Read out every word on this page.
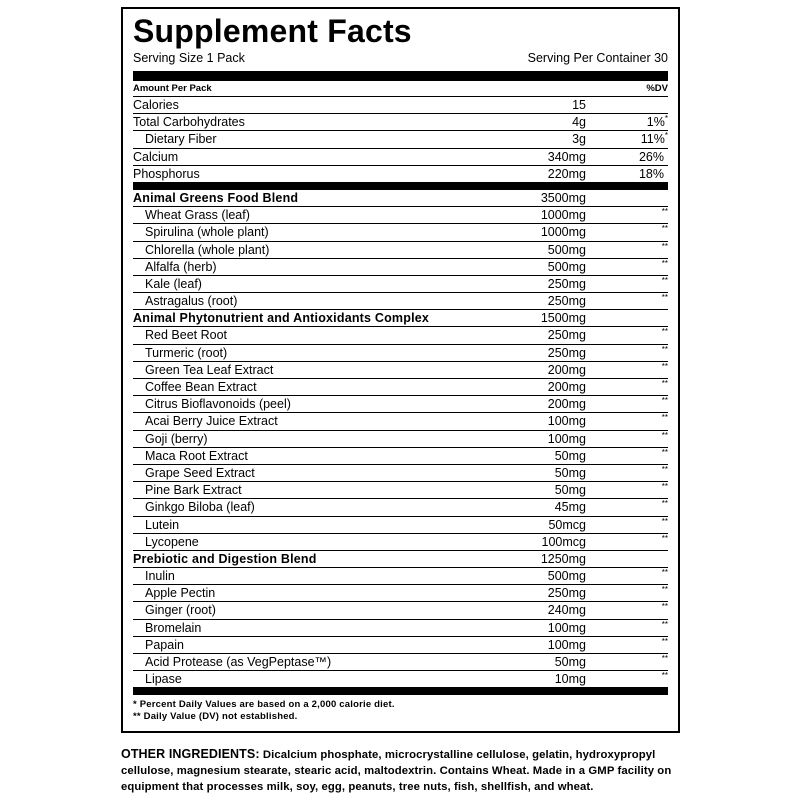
Supplement Facts
Serving Size 1 Pack	Serving Per Container 30
Amount Per Pack	%DV
Calories	15
Total Carbohydrates	4g	1%*
Dietary Fiber	3g	11%*
Calcium	340mg	26%
Phosphorus	220mg	18%
Animal Greens Food Blend	3500mg
Wheat Grass (leaf)	1000mg	**
Spirulina (whole plant)	1000mg	**
Chlorella (whole plant)	500mg	**
Alfalfa (herb)	500mg	**
Kale (leaf)	250mg	**
Astragalus (root)	250mg	**
Animal Phytonutrient and Antioxidants Complex	1500mg
Red Beet Root	250mg	**
Turmeric (root)	250mg	**
Green Tea Leaf Extract	200mg	**
Coffee Bean Extract	200mg	**
Citrus Bioflavonoids (peel)	200mg	**
Acai Berry Juice Extract	100mg	**
Goji (berry)	100mg	**
Maca Root Extract	50mg	**
Grape Seed Extract	50mg	**
Pine Bark Extract	50mg	**
Ginkgo Biloba (leaf)	45mg	**
Lutein	50mcg	**
Lycopene	100mcg	**
Prebiotic and Digestion Blend	1250mg
Inulin	500mg	**
Apple Pectin	250mg	**
Ginger (root)	240mg	**
Bromelain	100mg	**
Papain	100mg	**
Acid Protease (as VegPeptase™)	50mg	**
Lipase	10mg	**
* Percent Daily Values are based on a 2,000 calorie diet.
** Daily Value (DV) not established.
OTHER INGREDIENTS: Dicalcium phosphate, microcrystalline cellulose, gelatin, hydroxypropyl cellulose, magnesium stearate, stearic acid, maltodextrin. Contains Wheat. Made in a GMP facility on equipment that processes milk, soy, egg, peanuts, tree nuts, fish, shellfish, and wheat.
